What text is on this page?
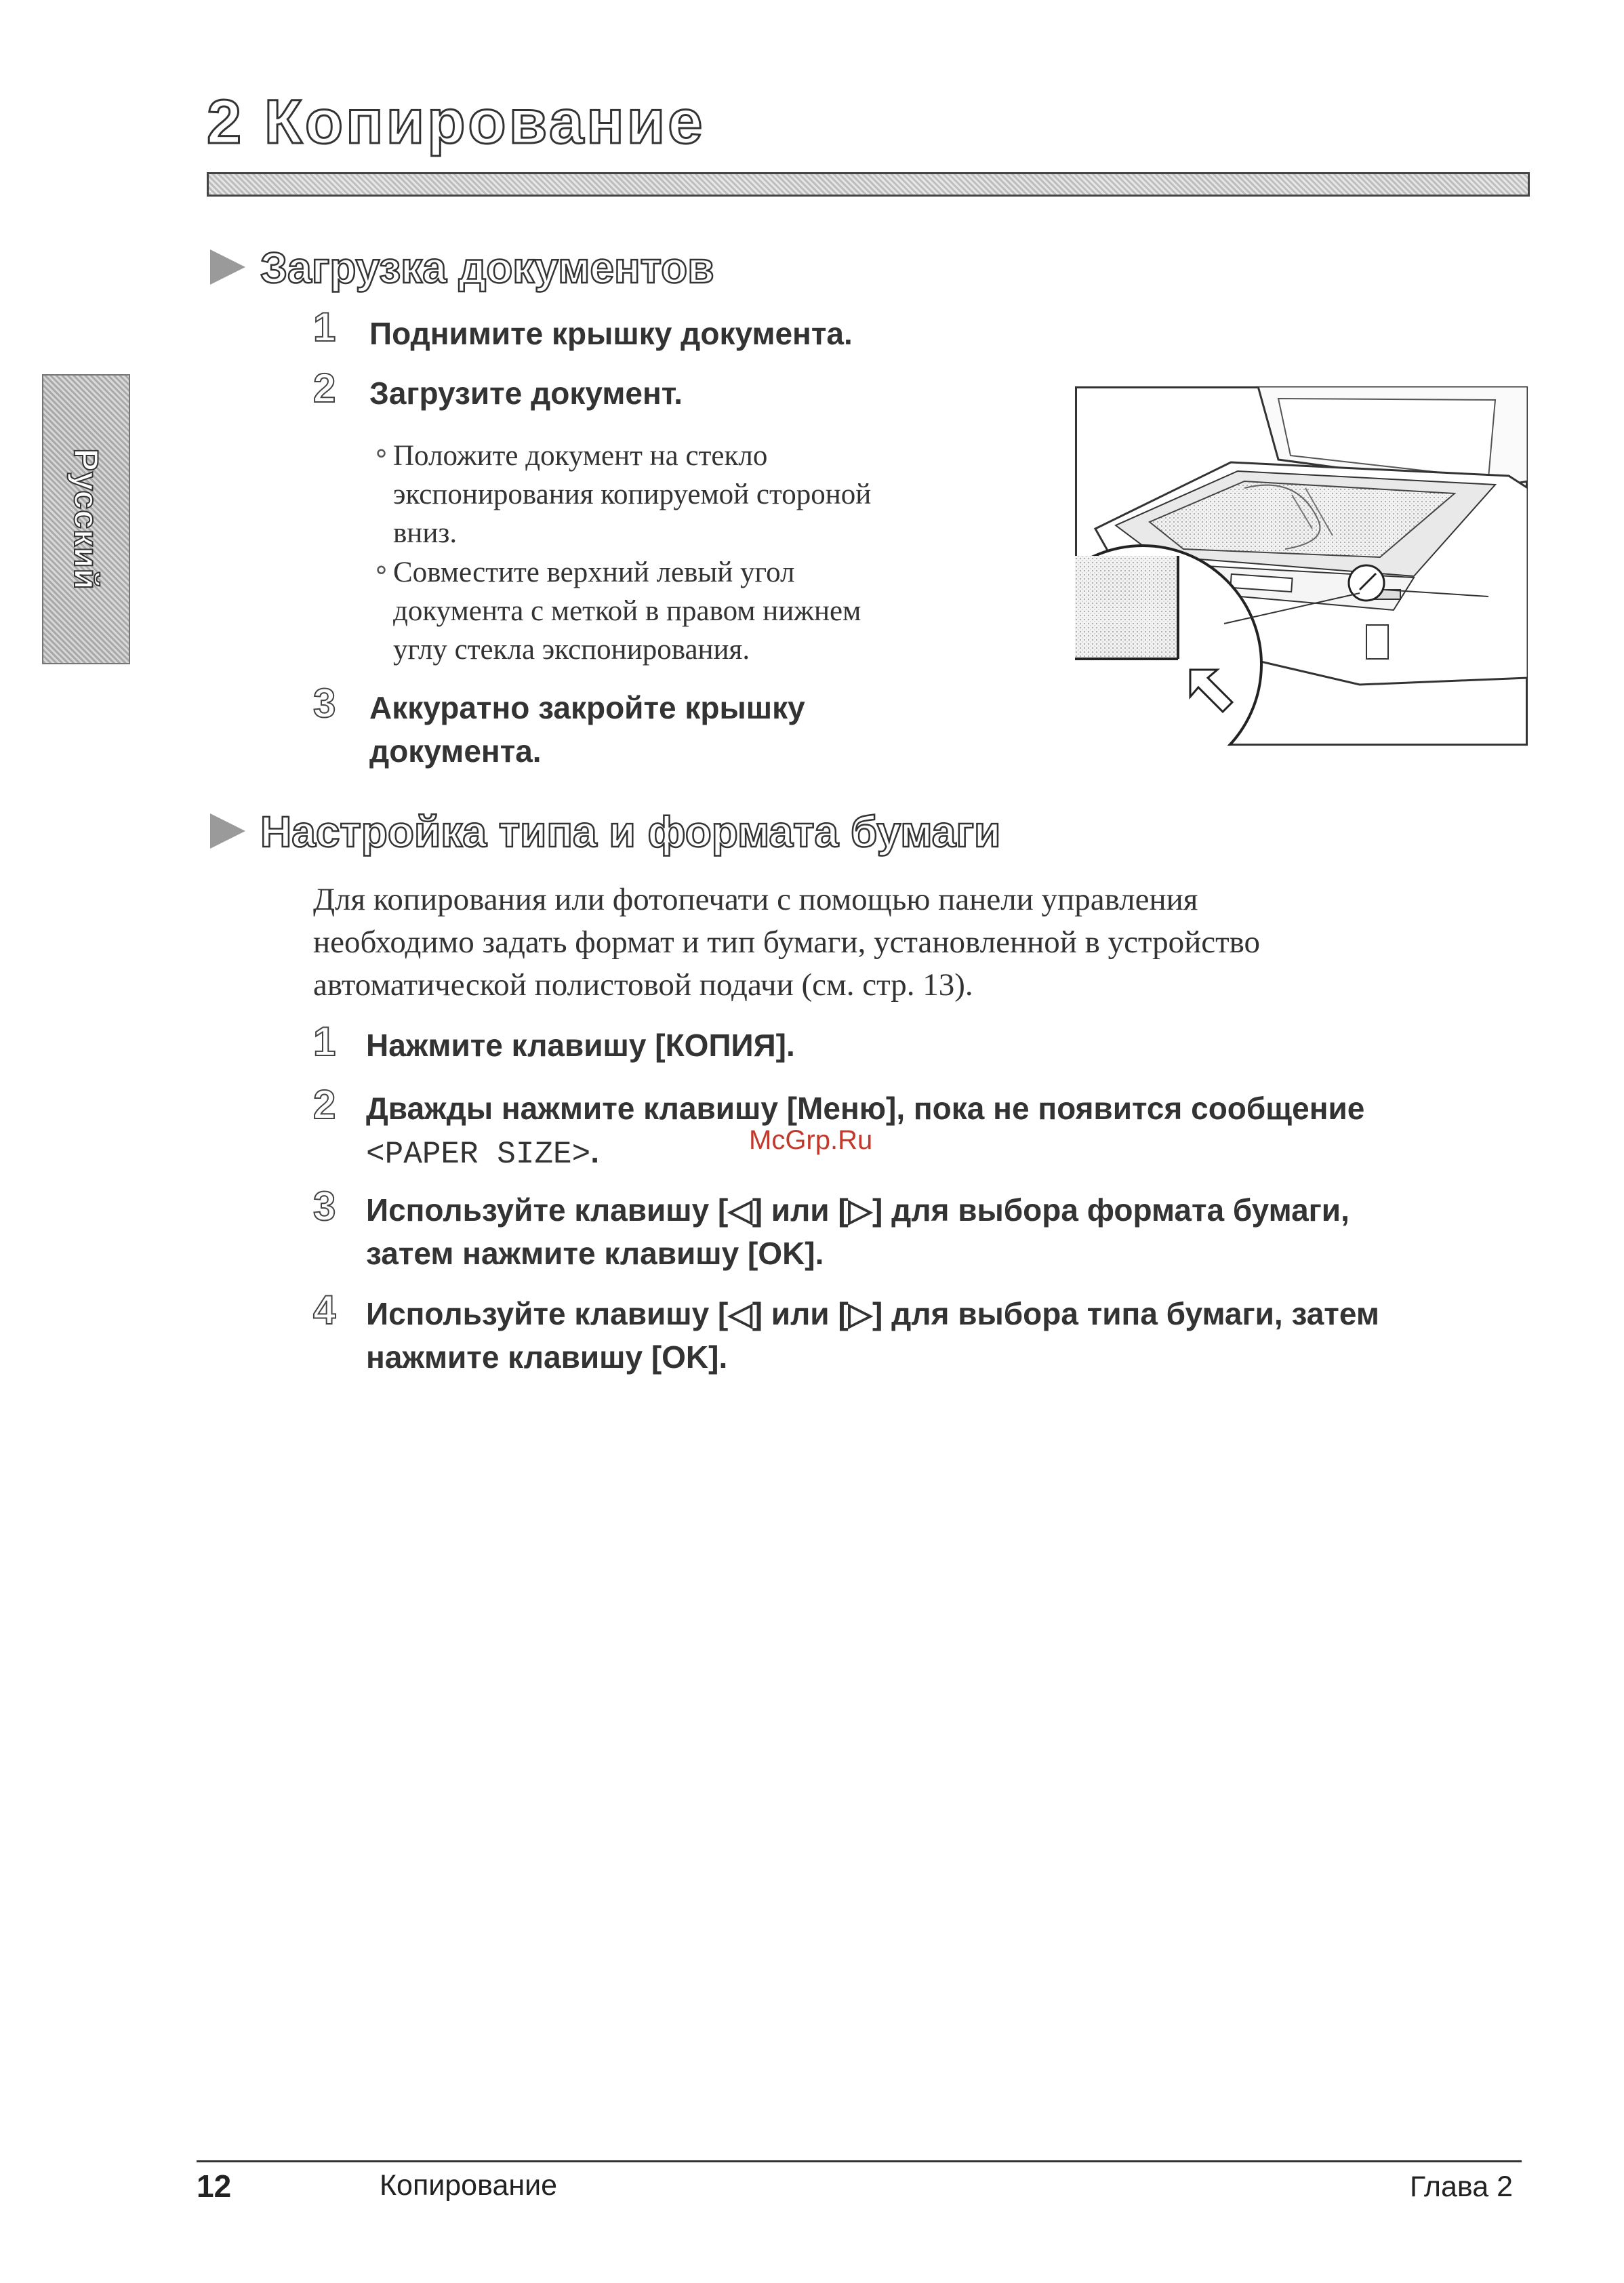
2 Копирование
Русский
Загрузка документов
1 Поднимите крышку документа.
2 Загрузите документ.
∘ Положите документ на стекло
экспонирования копируемой стороной
вниз.
∘ Совместите верхний левый угол
документа с меткой в правом нижнем
углу стекла экспонирования.
3 Аккуратно закройте крышку
документа.
Настройка типа и формата бумаги
Для копирования или фотопечати с помощью панели управления
необходимо задать формат и тип бумаги, установленной в устройство
автоматической полистовой подачи (см. стр. 13).
1 Нажмите клавишу [КОПИЯ].
2 Дважды нажмите клавишу [Меню], пока не появится сообщение
<PAPER SIZE>.
3 Используйте клавишу [◁] или [▷] для выбора формата бумаги,
затем нажмите клавишу [OK].
4 Используйте клавишу [◁] или [▷] для выбора типа бумаги, затем
нажмите клавишу [OK].
McGrp.Ru
12	Копирование	Глава 2
